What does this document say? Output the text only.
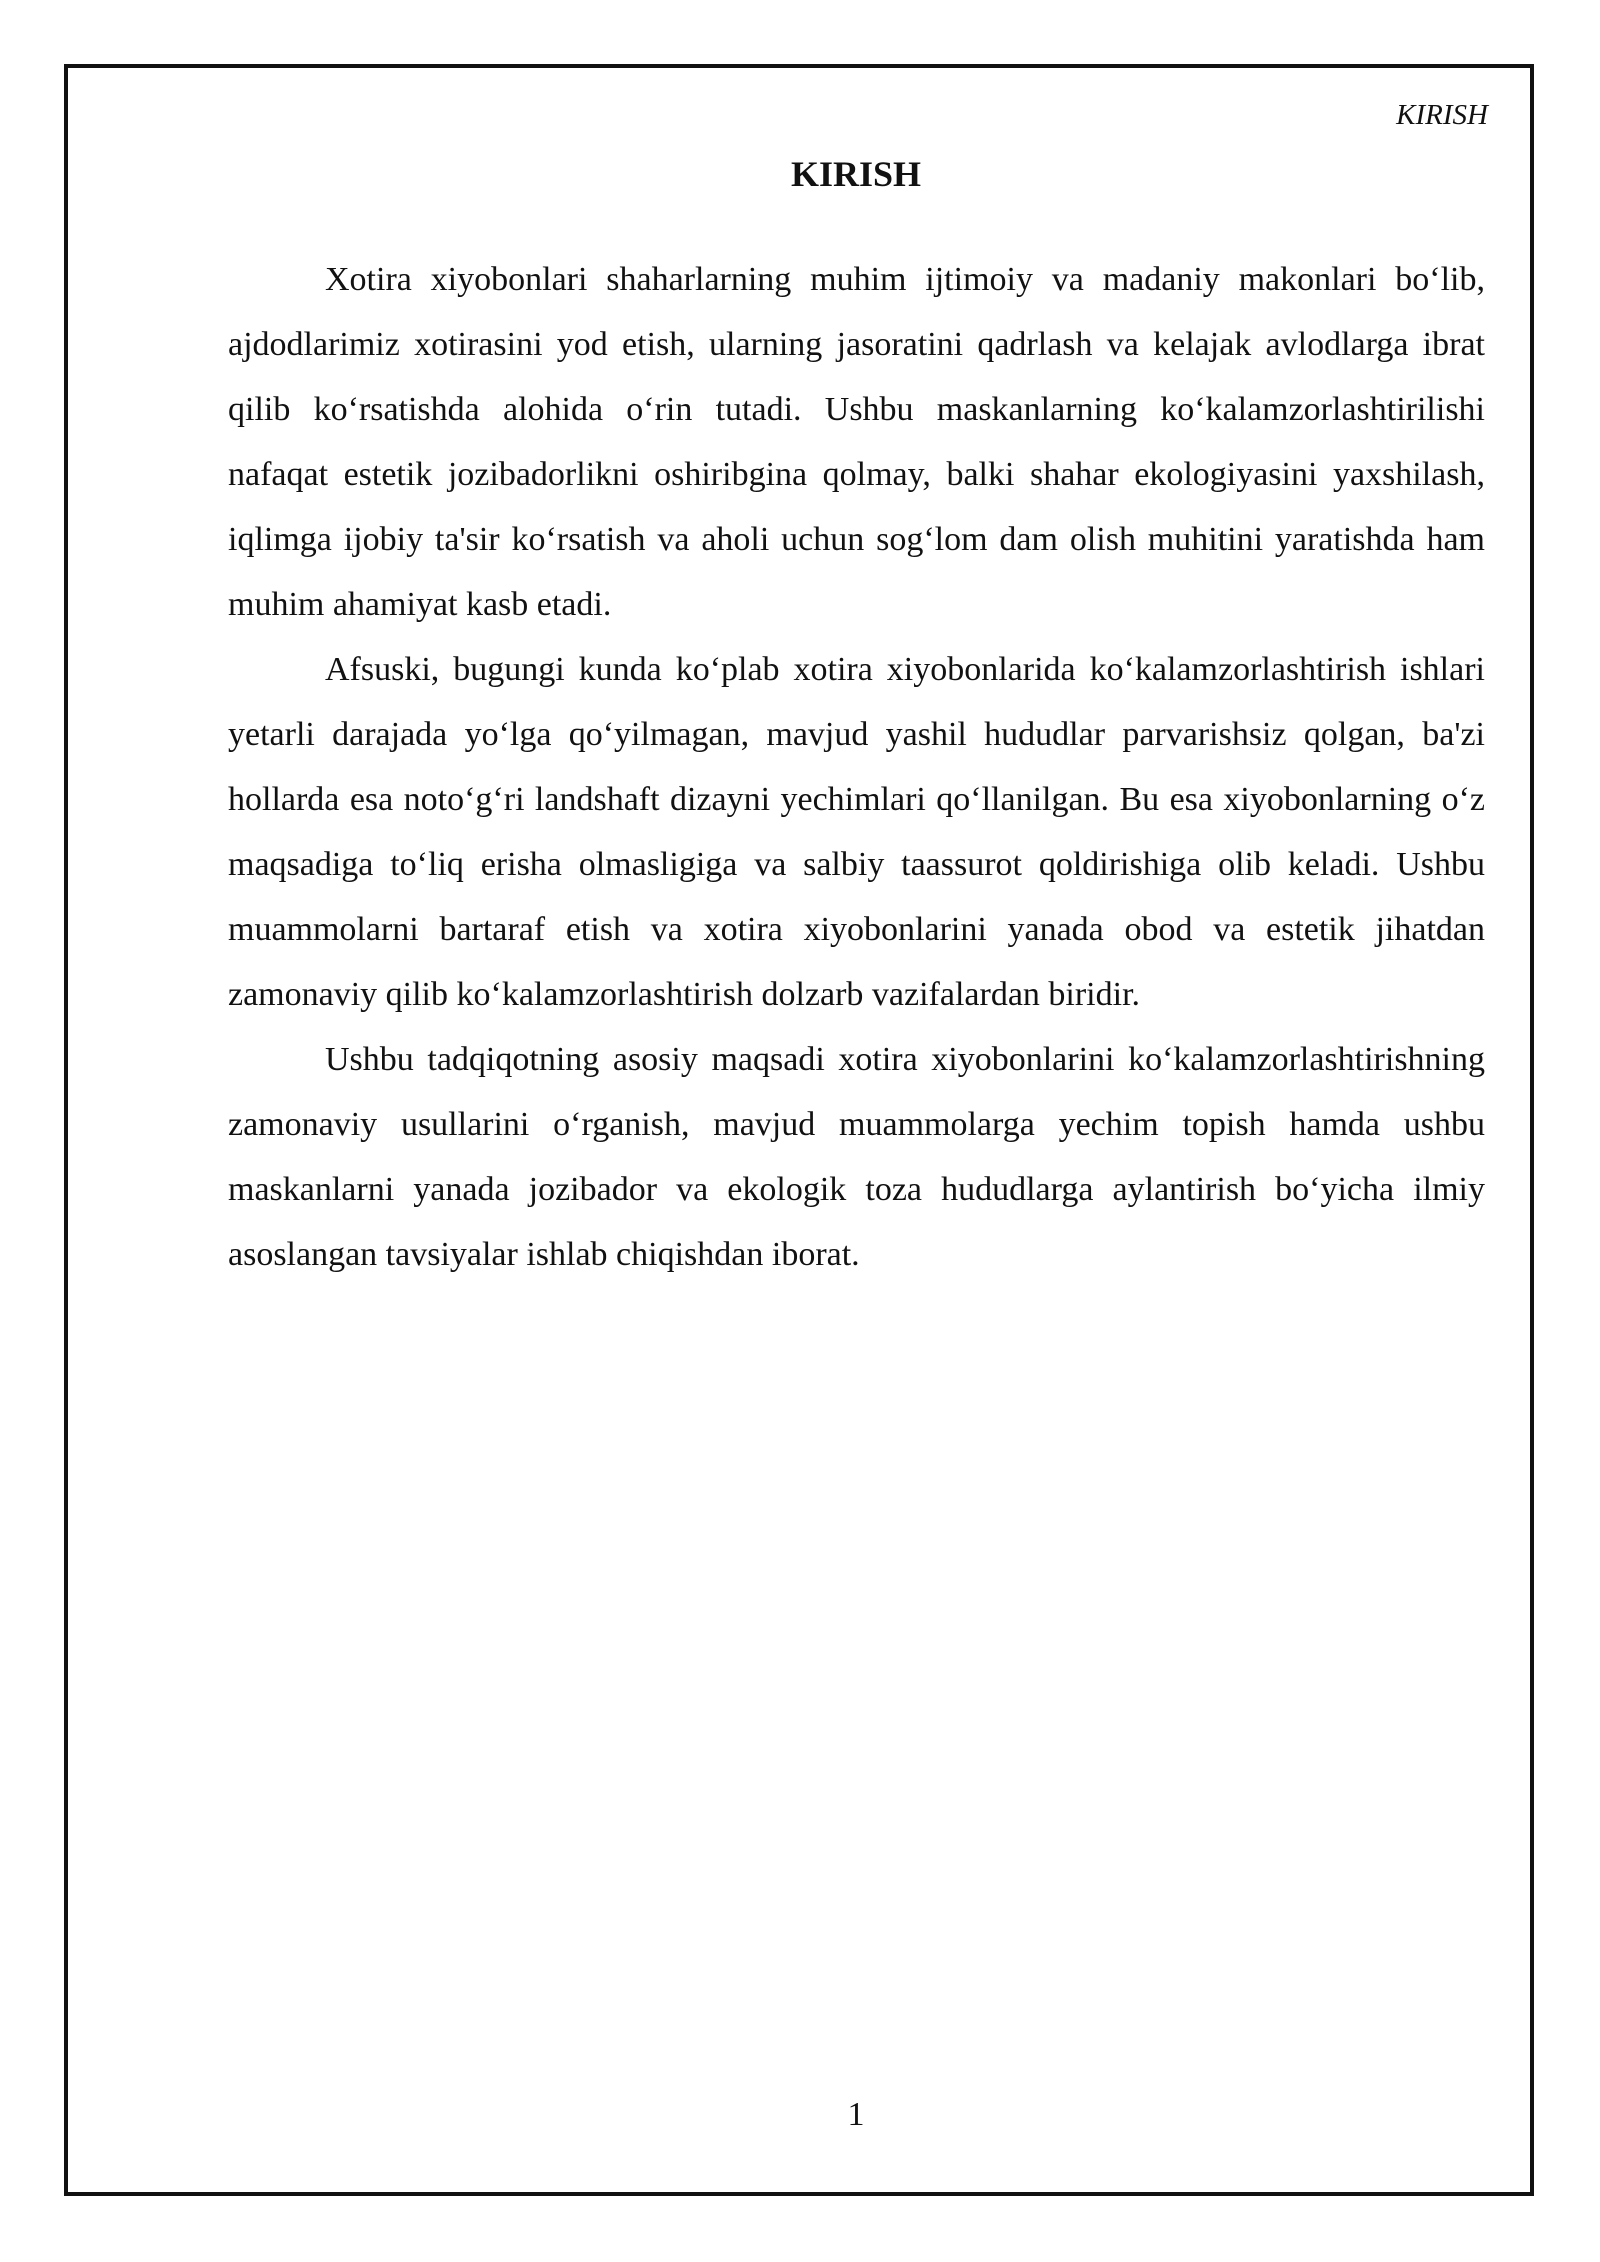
KIRISH
KIRISH

Xotira xiyobonlari shaharlarning muhim ijtimoiy va madaniy makonlari bo‘lib, ajdodlarimiz xotirasini yod etish, ularning jasoratini qadrlash va kelajak avlodlarga ibrat qilib ko‘rsatishda alohida o‘rin tutadi. Ushbu maskanlarning ko‘kalamzorlashtirilishi nafaqat estetik jozibadorlikni oshiribgina qolmay, balki shahar ekologiyasini yaxshilash, iqlimga ijobiy ta'sir ko‘rsatish va aholi uchun sog‘lom dam olish muhitini yaratishda ham muhim ahamiyat kasb etadi.

Afsuski, bugungi kunda ko‘plab xotira xiyobonlarida ko‘kalamzorlashtirish ishlari yetarli darajada yo‘lga qo‘yilmagan, mavjud yashil hududlar parvarishsiz qolgan, ba'zi hollarda esa noto‘g‘ri landshaft dizayni yechimlari qo‘llanilgan. Bu esa xiyobonlarning o‘z maqsadiga to‘liq erisha olmasligiga va salbiy taassurot qoldirishiga olib keladi. Ushbu muammolarni bartaraf etish va xotira xiyobonlarini yanada obod va estetik jihatdan zamonaviy qilib ko‘kalamzorlashtirish dolzarb vazifalardan biridir.

Ushbu tadqiqotning asosiy maqsadi xotira xiyobonlarini ko‘kalamzorlashtirishning zamonaviy usullarini o‘rganish, mavjud muammolarga yechim topish hamda ushbu maskanlarni yanada jozibador va ekologik toza hududlarga aylantirish bo‘yicha ilmiy asoslangan tavsiyalar ishlab chiqishdan iborat.

1
